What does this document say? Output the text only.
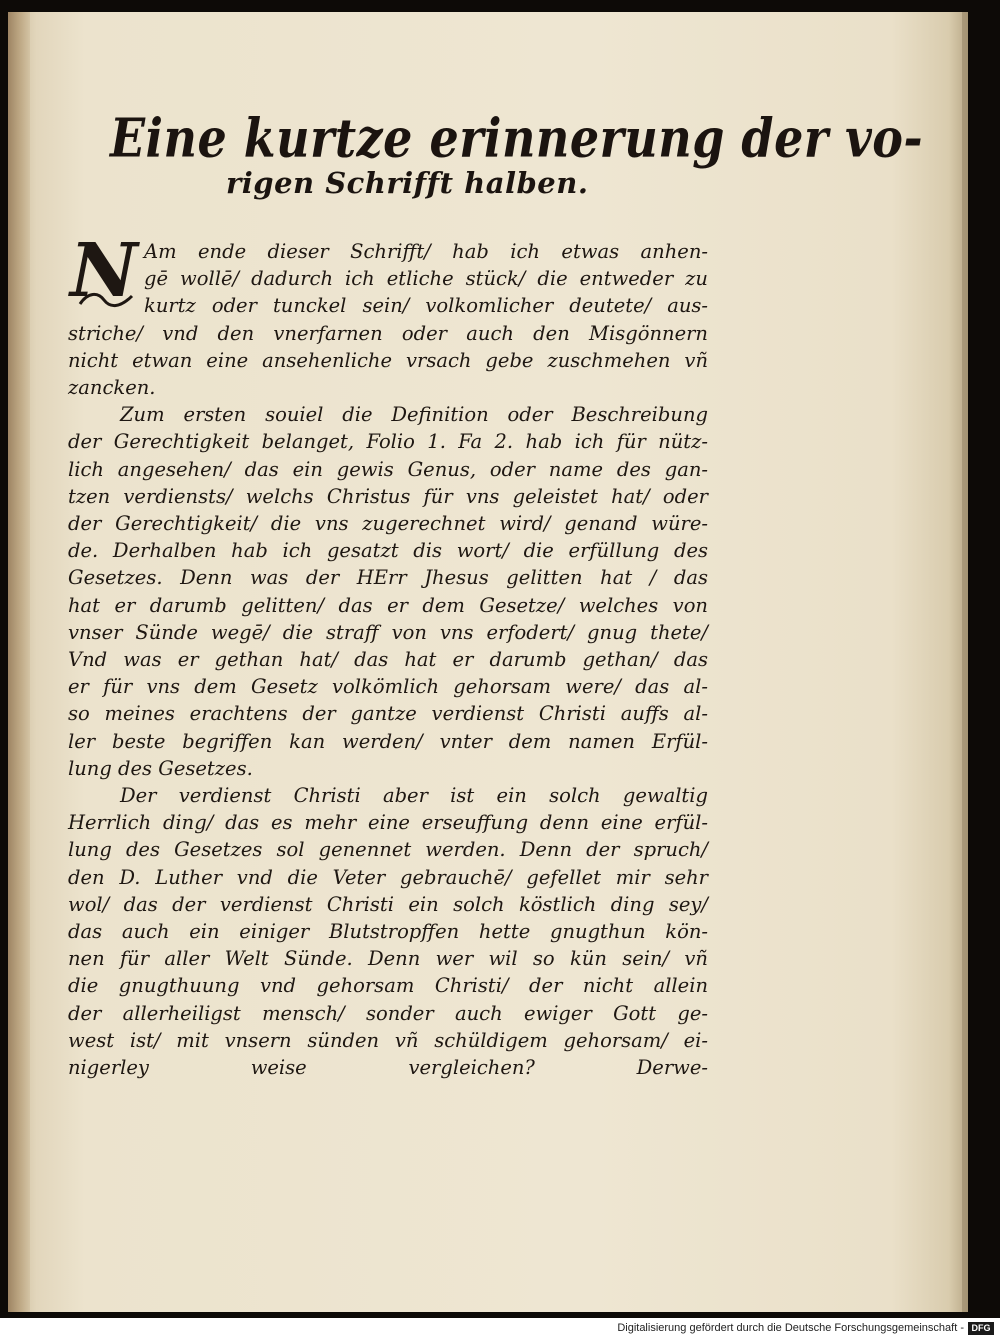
Eine kurtze erinnerung der vo-
rigen Schrifft halben.
N Am ende dieser Schrifft/ hab ich etwas anhen-
gē wollē/ dadurch ich etliche stück/ die entweder zu
kurtz oder tunckel sein/ volkomlicher deutete/ aus-
striche/ vnd den vnerfarnen oder auch den Misgönnern
nicht etwan eine ansehenliche vrsach gebe zuschmehen vñ
zancken.
Zum ersten souiel die Definition oder Beschreibung
der Gerechtigkeit belanget, Folio 1. Fa 2. hab ich für nütz-
lich angesehen/ das ein gewis Genus, oder name des gan-
tzen verdiensts/ welchs Christus für vns geleistet hat/ oder
der Gerechtigkeit/ die vns zugerechnet wird/ genand würe-
de. Derhalben hab ich gesatzt dis wort/ die erfüllung des
Gesetzes. Denn was der HErr Jhesus gelitten hat / das
hat er darumb gelitten/ das er dem Gesetze/ welches von
vnser Sünde wegē/ die straff von vns erfodert/ gnug thete/
Vnd was er gethan hat/ das hat er darumb gethan/ das
er für vns dem Gesetz volkömlich gehorsam were/ das al-
so meines erachtens der gantze verdienst Christi auffs al-
ler beste begriffen kan werden/ vnter dem namen Erfül-
lung des Gesetzes.
Der verdienst Christi aber ist ein solch gewaltig
Herrlich ding/ das es mehr eine erseuffung denn eine erfül-
lung des Gesetzes sol genennet werden. Denn der spruch/
den D. Luther vnd die Veter gebrauchē/ gefellet mir sehr
wol/ das der verdienst Christi ein solch köstlich ding sey/
das auch ein einiger Blutstropffen hette gnugthun kön-
nen für aller Welt Sünde. Denn wer wil so kün sein/ vñ
die gnugthuung vnd gehorsam Christi/ der nicht allein
der allerheiligst mensch/ sonder auch ewiger Gott ge-
west ist/ mit vnsern sünden vñ schüldigem gehorsam/ ei-
nigerley weise vergleichen?	Derwe-
Digitalisierung gefördert durch die Deutsche Forschungsgemeinschaft - DFG
